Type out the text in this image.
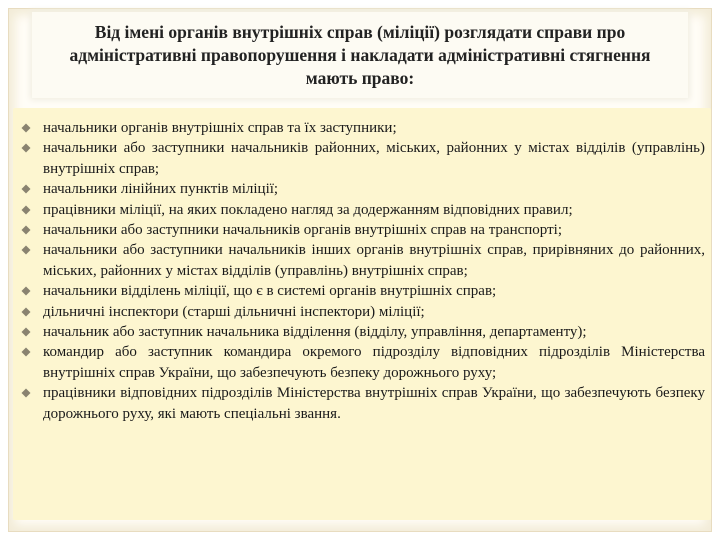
Від імені органів внутрішніх справ (міліції) розглядати справи про адміністративні правопорушення і накладати адміністративні стягнення мають право:
начальники органів внутрішніх справ та їх заступники;
начальники або заступники начальників районних, міських, районних у містах відділів (управлінь) внутрішніх справ;
начальники лінійних пунктів міліції;
працівники міліції, на яких покладено нагляд за додержанням відповідних правил;
начальники або заступники начальників органів внутрішніх справ на транспорті;
начальники або заступники начальників інших органів внутрішніх справ, прирівняних до районних, міських, районних у містах відділів (управлінь) внутрішніх справ;
начальники відділень міліції, що є в системі органів внутрішніх справ;
дільничні інспектори (старші дільничні інспектори) міліції;
начальник або заступник начальника відділення (відділу, управління, департаменту);
командир або заступник командира окремого підрозділу відповідних підрозділів Міністерства внутрішніх справ України, що забезпечують безпеку дорожнього руху;
працівники відповідних підрозділів Міністерства внутрішніх справ України, що забезпечують безпеку дорожнього руху, які мають спеціальні звання.
